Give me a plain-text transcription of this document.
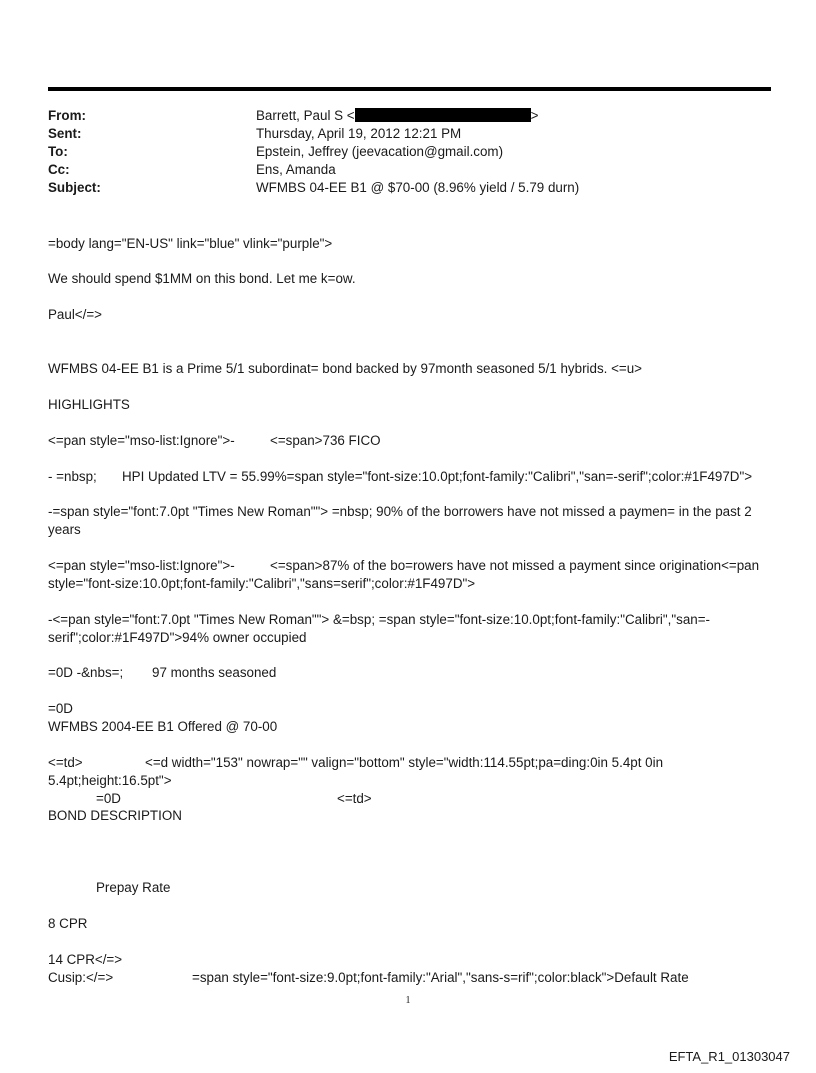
From:	Barrett, Paul S <	>
Sent:	Thursday, April 19, 2012 12:21 PM
To:	Epstein, Jeffrey (jeevacation@gmail.com)
Cc:	Ens, Amanda
Subject:	WFMBS 04-EE B1 @ $70-00 (8.96% yield / 5.79 durn)
=body lang="EN-US" link="blue" vlink="purple">
We should spend $1MM on this bond. Let me k=ow.
Paul</=>
WFMBS 04-EE B1 is a Prime 5/1 subordinat= bond backed by 97month seasoned 5/1 hybrids. <=u>
HIGHLIGHTS
<=pan style="mso-list:Ignore">-	<=span>736 FICO
- =nbsp;	HPI Updated LTV = 55.99%=span style="font-size:10.0pt;font-family:"Calibri","san=-serif";color:#1F497D">
-=span style="font:7.0pt "Times New Roman""> =nbsp; 90% of the borrowers have not missed a paymen= in the past 2 years
<=pan style="mso-list:Ignore">-	<=span>87% of the bo=rowers have not missed a payment since origination<=pan style="font-size:10.0pt;font-family:"Calibri","sans=serif";color:#1F497D">
-<=pan style="font:7.0pt "Times New Roman""> &=bsp; =span style="font-size:10.0pt;font-family:"Calibri","san=-serif";color:#1F497D">94% owner occupied
=0D -&nbs=;	97 months seasoned
=0D
WFMBS 2004-EE B1 Offered @ 70-00
<=td>	<=d width="153" nowrap="" valign="bottom" style="width:114.55pt;pa=ding:0in 5.4pt 0in
5.4pt;height:16.5pt">
=0D	<=td>
BOND DESCRIPTION
Prepay Rate
8 CPR
14 CPR</=>
Cusip:</=>	=span style="font-size:9.0pt;font-family:"Arial","sans-s=rif";color:black">Default Rate
1
EFTA_R1_01303047
